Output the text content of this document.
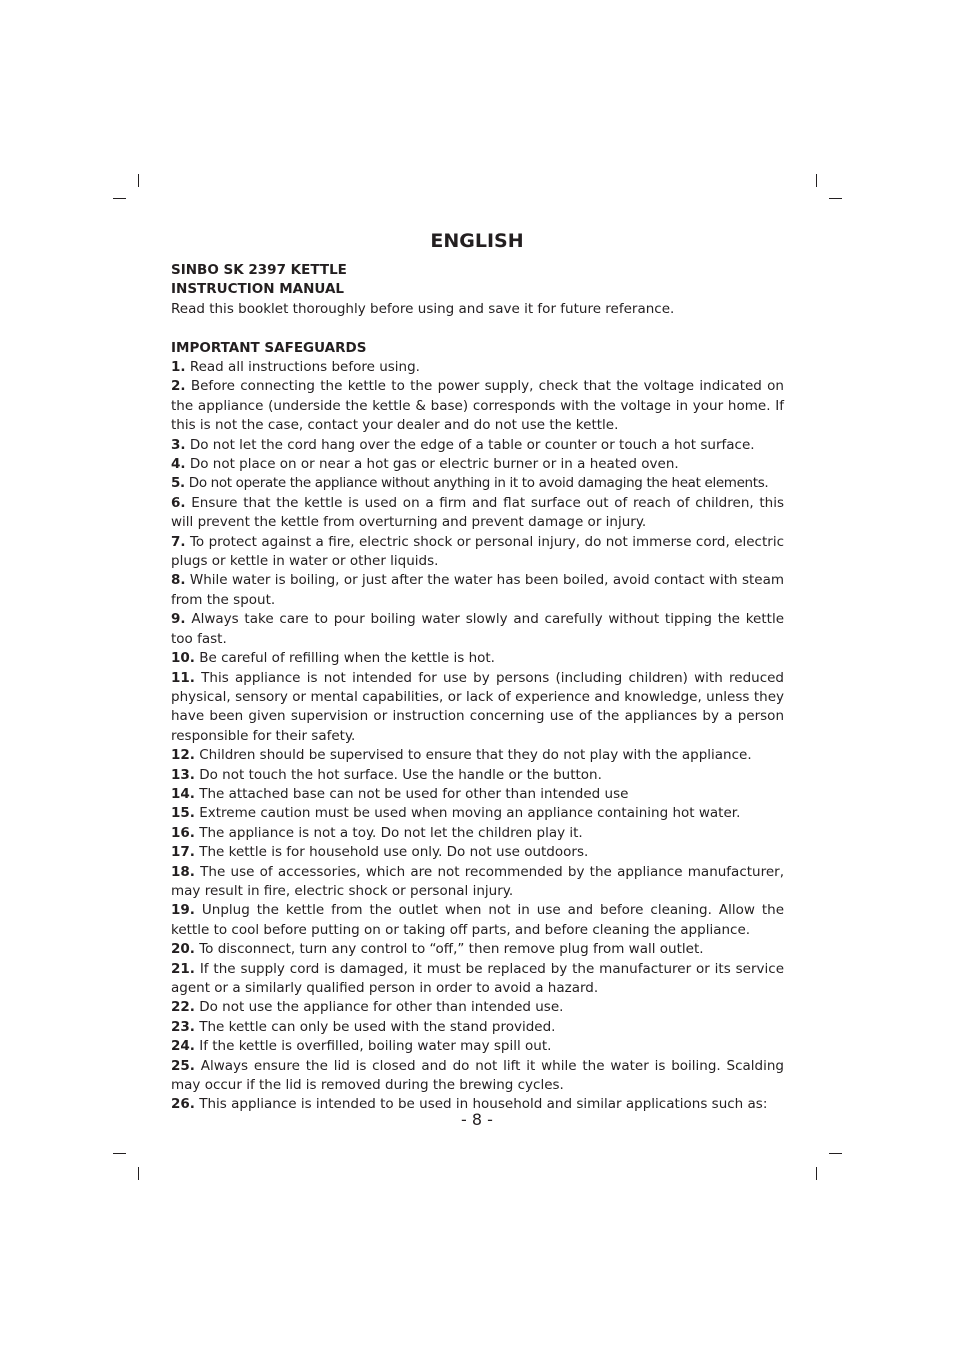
ENGLISH

SINBO SK 2397 KETTLE

INSTRUCTION MANUAL

Read this booklet thoroughly before using and save it for future referance.

IMPORTANT SAFEGUARDS

1. Read all instructions before using.

2. Before connecting the kettle to the power supply, check that the voltage indicated on the appliance (underside the kettle & base) corresponds with the voltage in your home. If this is not the case, contact your dealer and do not use the kettle.

3. Do not let the cord hang over the edge of a table or counter or touch a hot surface.

4. Do not place on or near a hot gas or electric burner or in a heated oven.

5. Do not operate the appliance without anything in it to avoid damaging the heat elements.

6. Ensure that the kettle is used on a firm and flat surface out of reach of children, this will prevent the kettle from overturning and prevent damage or injury.

7. To protect against a fire, electric shock or personal injury, do not immerse cord, electric plugs or kettle in water or other liquids.

8. While water is boiling, or just after the water has been boiled, avoid contact with steam from the spout.

9. Always take care to pour boiling water slowly and carefully without tipping the kettle too fast.

10. Be careful of refilling when the kettle is hot.

11. This appliance is not intended for use by persons (including children) with reduced physical, sensory or mental capabilities, or lack of experience and knowledge, unless they have been given supervision or instruction concerning use of the appliances by a person responsible for their safety.

12. Children should be supervised to ensure that they do not play with the appliance.

13. Do not touch the hot surface. Use the handle or the button.

14. The attached base can not be used for other than intended use

15. Extreme caution must be used when moving an appliance containing hot water.

16. The appliance is not a toy. Do not let the children play it.

17. The kettle is for household use only. Do not use outdoors.

18. The use of accessories, which are not recommended by the appliance manufacturer, may result in fire, electric shock or personal injury.

19. Unplug the kettle from the outlet when not in use and before cleaning. Allow the kettle to cool before putting on or taking off parts, and before cleaning the appliance.

20. To disconnect, turn any control to “off,” then remove plug from wall outlet.

21. If the supply cord is damaged, it must be replaced by the manufacturer or its service agent or a similarly qualified person in order to avoid a hazard.

22. Do not use the appliance for other than intended use.

23. The kettle can only be used with the stand provided.

24. If the kettle is overfilled, boiling water may spill out.

25. Always ensure the lid is closed and do not lift it while the water is boiling. Scalding may occur if the lid is removed during the brewing cycles.

26. This appliance is intended to be used in household and similar applications such as:

- 8 -
